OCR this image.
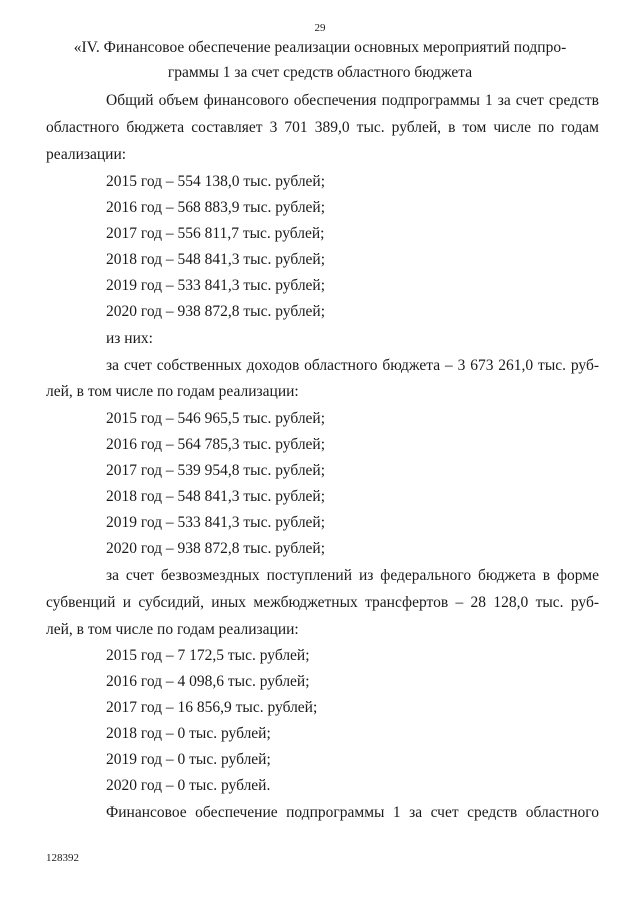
29
«IV. Финансовое обеспечение реализации основных мероприятий подпро-
граммы 1 за счет средств областного бюджета
Общий объем финансового обеспечения подпрограммы 1 за счет средств
областного бюджета составляет 3 701 389,0 тыс. рублей, в том числе по годам
реализации:
2015 год – 554 138,0 тыс. рублей;
2016 год – 568 883,9 тыс. рублей;
2017 год – 556 811,7 тыс. рублей;
2018 год – 548 841,3 тыс. рублей;
2019 год – 533 841,3 тыс. рублей;
2020 год – 938 872,8 тыс. рублей;
из них:
за счет собственных доходов областного бюджета – 3 673 261,0 тыс. руб-
лей, в том числе по годам реализации:
2015 год – 546 965,5 тыс. рублей;
2016 год – 564 785,3 тыс. рублей;
2017 год – 539 954,8 тыс. рублей;
2018 год – 548 841,3 тыс. рублей;
2019 год – 533 841,3 тыс. рублей;
2020 год – 938 872,8 тыс. рублей;
за счет безвозмездных поступлений из федерального бюджета в форме
субвенций и субсидий, иных межбюджетных трансфертов – 28 128,0 тыс. руб-
лей, в том числе по годам реализации:
2015 год – 7 172,5 тыс. рублей;
2016 год – 4 098,6 тыс. рублей;
2017 год – 16 856,9 тыс. рублей;
2018 год – 0 тыс. рублей;
2019 год – 0 тыс. рублей;
2020 год – 0 тыс. рублей.
Финансовое обеспечение подпрограммы 1 за счет средств областного
128392
